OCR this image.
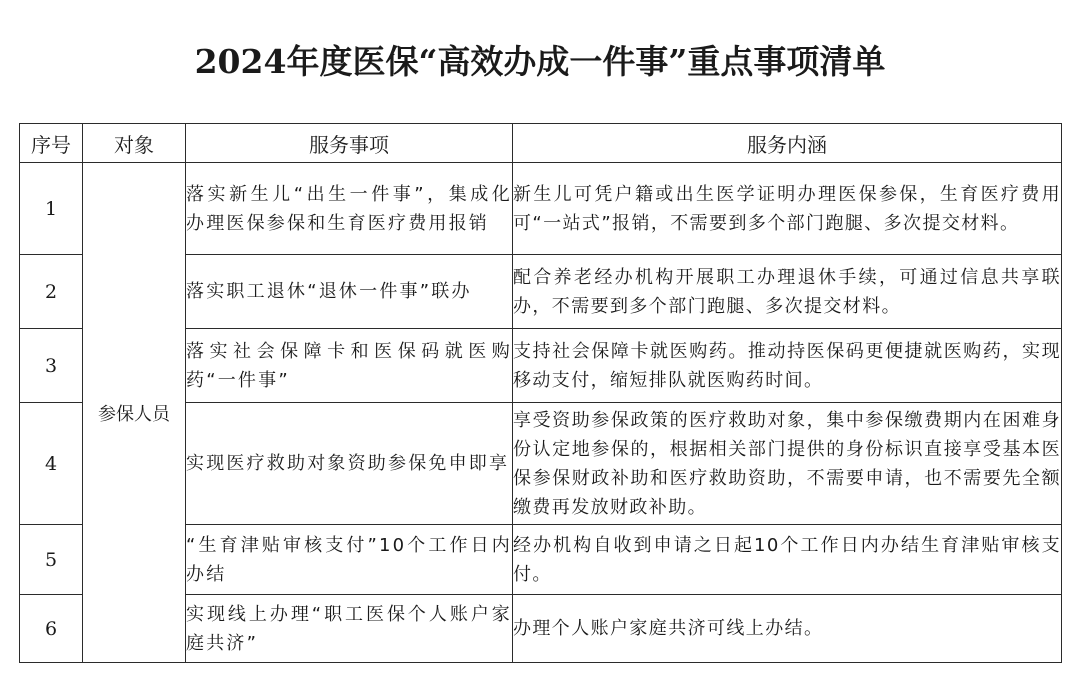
2024年度医保“高效办成一件事”重点事项清单
序号	对象	服务事项	服务内涵
1	参保人员	落实新生儿“出生一件事”，集成化办理医保参保和生育医疗费用报销	新生儿可凭户籍或出生医学证明办理医保参保，生育医疗费用可“一站式”报销，不需要到多个部门跑腿、多次提交材料。
2		落实职工退休“退休一件事”联办	配合养老经办机构开展职工办理退休手续，可通过信息共享联办，不需要到多个部门跑腿、多次提交材料。
3		落实社会保障卡和医保码就医购药“一件事”	支持社会保障卡就医购药。推动持医保码更便捷就医购药，实现移动支付，缩短排队就医购药时间。
4		实现医疗救助对象资助参保免申即享	享受资助参保政策的医疗救助对象，集中参保缴费期内在困难身份认定地参保的，根据相关部门提供的身份标识直接享受基本医保参保财政补助和医疗救助资助，不需要申请，也不需要先全额缴费再发放财政补助。
5		“生育津贴审核支付”10个工作日内办结	经办机构自收到申请之日起10个工作日内办结生育津贴审核支付。
6		实现线上办理“职工医保个人账户家庭共济”	办理个人账户家庭共济可线上办结。
